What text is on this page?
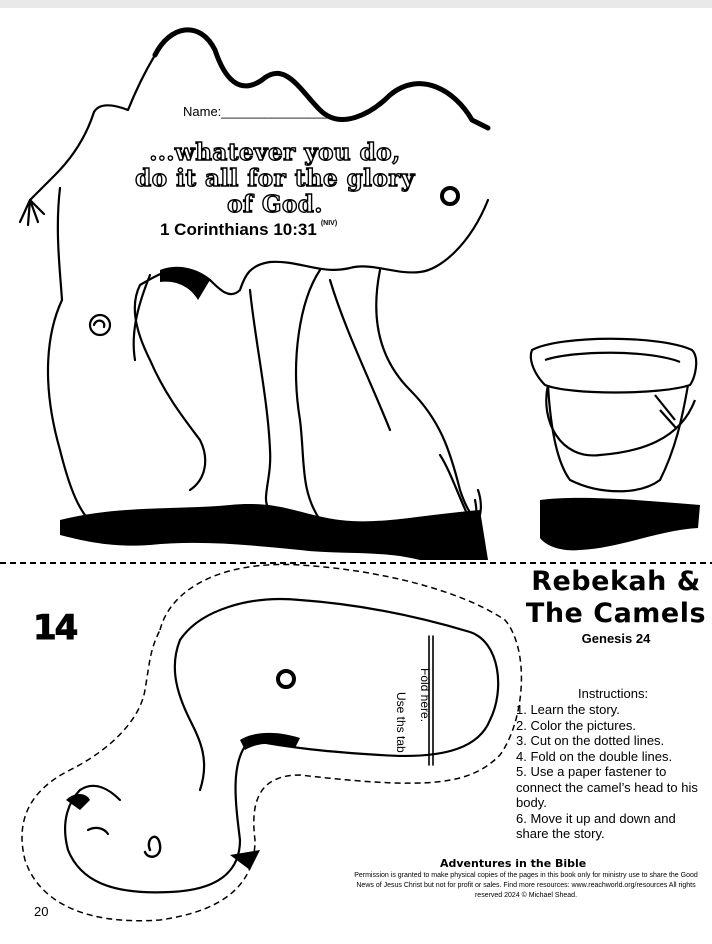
Name:________________
...whatever you do,
do it all for the glory
of God.
1 Corinthians 10:31 $^{(NIV)}$
14
Rebekah &
The Camels
Genesis 24
Use ths tab Fold here.	Instructions:
1. Learn the story.
2. Color the pictures.
3. Cut on the dotted lines.
4. Fold on the double lines.
5. Use a paper fastener to connect the camel’s head to his body.
6. Move it up and down and share the story.
Adventures in the Bible
Permission is granted to make physical copies of the pages in this book only for ministry use to share the Good News of Jesus Christ but not for profit or sales. Find more resources: www.reachworld.org/resources All rights reserved 2024 © Michael Shead.
20
